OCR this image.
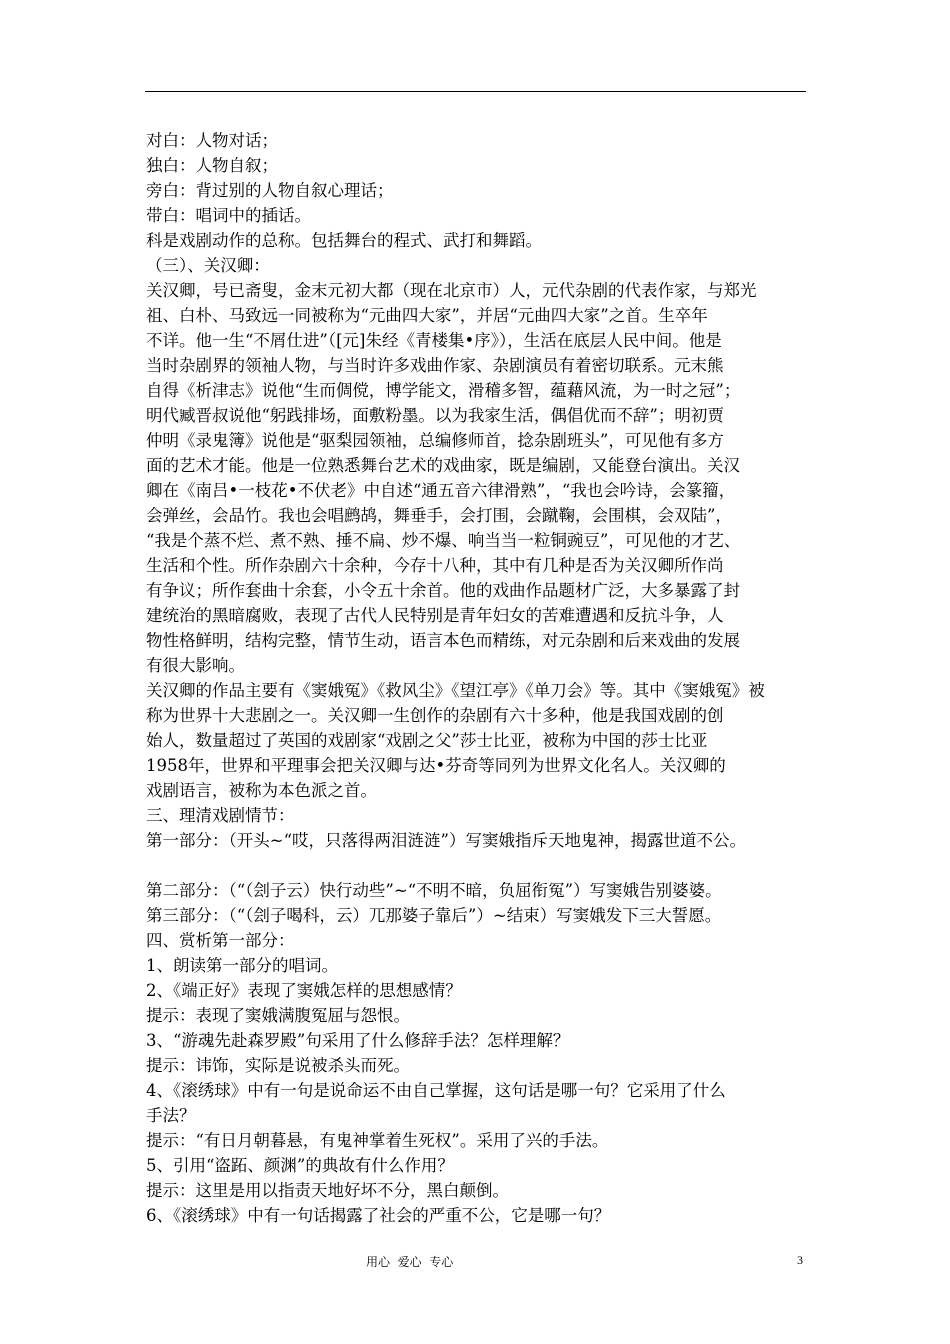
对白：人物对话；
独白：人物自叙；
旁白：背过别的人物自叙心理话；
带白：唱词中的插话。
科是戏剧动作的总称。包括舞台的程式、武打和舞蹈。
（三）、关汉卿：
关汉卿，号已斋叟，金末元初大都（现在北京市）人，元代杂剧的代表作家，与郑光
祖、白朴、马致远一同被称为“元曲四大家”，并居“元曲四大家”之首。生卒年
不详。他一生“不屑仕进”（[元]朱经《青楼集•序》），生活在底层人民中间。他是
当时杂剧界的领袖人物，与当时许多戏曲作家、杂剧演员有着密切联系。元末熊
自得《析津志》说他“生而倜傥，博学能文，滑稽多智，蕴藉风流，为一时之冠”；
明代臧晋叔说他“躬践排场，面敷粉墨。以为我家生活，偶倡优而不辞”；明初贾
仲明《录鬼簿》说他是“驱梨园领袖，总编修师首，捻杂剧班头”，可见他有多方
面的艺术才能。他是一位熟悉舞台艺术的戏曲家，既是编剧，又能登台演出。关汉
卿在《南吕•一枝花•不伏老》中自述“通五音六律滑熟”，“我也会吟诗，会篆籀，
会弹丝，会品竹。我也会唱鹧鸪，舞垂手，会打围，会蹴鞠，会围棋，会双陆”，
“我是个蒸不烂、煮不熟、捶不扁、炒不爆、响当当一粒铜豌豆”，可见他的才艺、
生活和个性。所作杂剧六十余种，今存十八种，其中有几种是否为关汉卿所作尚
有争议；所作套曲十余套，小令五十余首。他的戏曲作品题材广泛，大多暴露了封
建统治的黑暗腐败，表现了古代人民特别是青年妇女的苦难遭遇和反抗斗争，人
物性格鲜明，结构完整，情节生动，语言本色而精练，对元杂剧和后来戏曲的发展
有很大影响。
关汉卿的作品主要有《窦娥冤》《救风尘》《望江亭》《单刀会》等。其中《窦娥冤》被
称为世界十大悲剧之一。关汉卿一生创作的杂剧有六十多种，他是我国戏剧的创
始人，数量超过了英国的戏剧家“戏剧之父”莎士比亚，被称为中国的莎士比亚
1958年，世界和平理事会把关汉卿与达•芬奇等同列为世界文化名人。关汉卿的
戏剧语言，被称为本色派之首。
三、理清戏剧情节：
第一部分：（开头~“哎，只落得两泪涟涟”）写窦娥指斥天地鬼神，揭露世道不公。
第二部分：（“（刽子云）快行动些”~“不明不暗，负屈衔冤”）写窦娥告别婆婆。
第三部分：（“（刽子喝科，云）兀那婆子靠后”）~结束）写窦娥发下三大誓愿。
四、赏析第一部分：
1、朗读第一部分的唱词。
2、《端正好》表现了窦娥怎样的思想感情？
提示：表现了窦娥满腹冤屈与怨恨。
3、“游魂先赴森罗殿”句采用了什么修辞手法？怎样理解？
提示：讳饰，实际是说被杀头而死。
4、《滚绣球》中有一句是说命运不由自己掌握，这句话是哪一句？它采用了什么
手法？
提示：“有日月朝暮悬，有鬼神掌着生死权”。采用了兴的手法。
5、引用“盗跖、颜渊”的典故有什么作用？
提示：这里是用以指责天地好坏不分，黑白颠倒。
6、《滚绣球》中有一句话揭露了社会的严重不公，它是哪一句？
用心  爱心  专心	3
